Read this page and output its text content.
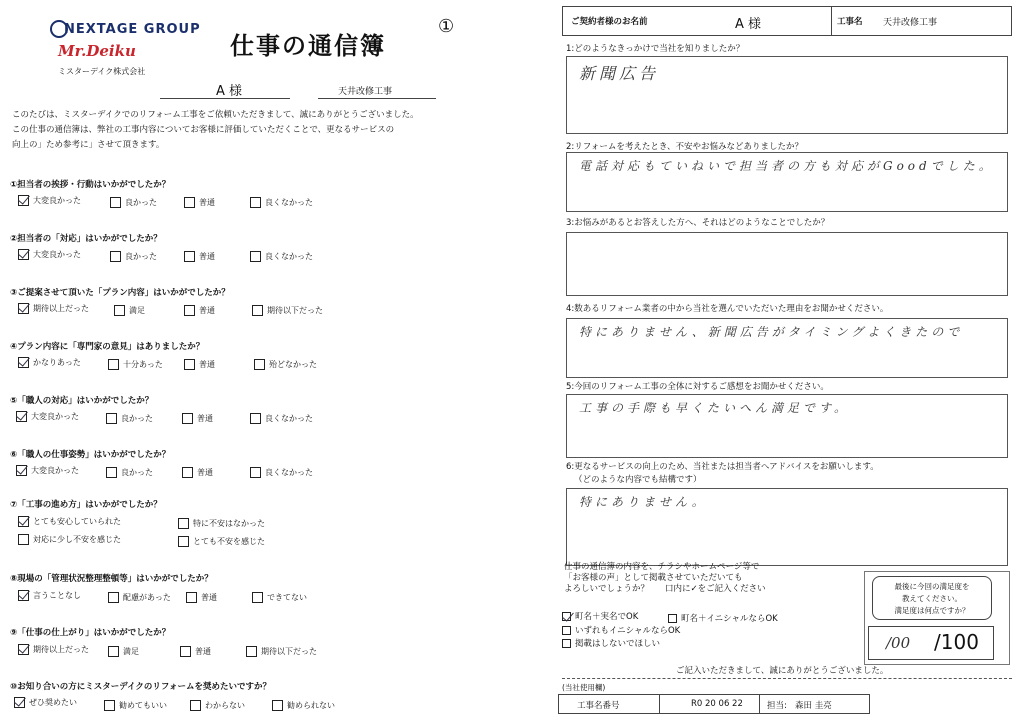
NEXTAGE GROUP
Mr.Deiku
ミスターデイク株式会社
仕事の通信簿
①
A 様	天井改修工事
このたびは、ミスターデイクでのリフォーム工事をご依頼いただきまして、誠にありがとうございました。
この仕事の通信簿は、弊社の工事内容についてお客様に評価していただくことで、更なるサービスの
向上の」ため参考に」させて頂きます。
①担当者の挨拶・行動はいかがでしたか？
大変良かった	良かった	普通	良くなかった
②担当者の「対応」はいかがでしたか？
大変良かった	良かった	普通	良くなかった
③ご提案させて頂いた「プラン内容」はいかがでしたか？
期待以上だった	満足	普通	期待以下だった
④プラン内容に「専門家の意見」はありましたか？
かなりあった	十分あった	普通	殆どなかった
⑤「職人の対応」はいかがでしたか？
大変良かった	良かった	普通	良くなかった
⑥「職人の仕事姿勢」はいかがでしたか？
大変良かった	良かった	普通	良くなかった
⑦「工事の進め方」はいかがでしたか？
とても安心していられた	特に不安はなかった
対応に少し不安を感じた	とても不安を感じた
⑧現場の「管理状況整理整頓等」はいかがでしたか？
言うことなし	配慮があった	普通	できてない
⑨「仕事の仕上がり」はいかがでしたか？
期待以上だった	満足	普通	期待以下だった
⑩お知り合いの方にミスターデイクのリフォームを奨めたいですか？
ぜひ奨めたい	勧めてもいい	わからない	勧められない
ご契約者様のお名前	A 様	工事名 天井改修工事
1:どのようなきっかけで当社を知りましたか？
新聞広告
2:リフォームを考えたとき、不安やお悩みなどありましたか？
電話対応もていねいで担当者の方も対応がGoodでした。
3:お悩みがあるとお答えした方へ、それはどのようなことでしたか？
4:数あるリフォーム業者の中から当社を選んでいただいた理由をお聞かせください。
特にありません、新聞広告がタイミングよくきたので
5:今回のリフォーム工事の全体に対するご感想をお聞かせください。
工事の手際も早くたいへん満足です。
6:更なるサービスの向上のため、当社または担当者へアドバイスをお願いします。
（どのような内容でも結構です）
特にありません。
仕事の通信簿の内容を、チラシやホームページ等で
「お客様の声」として掲載させていただいても
よろしいでしょうか？ 口内に✓をご記入ください
町名＋実名でOK	町名＋イニシャルならOK
いずれもイニシャルならOK
掲載はしないでほしい
最後に今回の満足度を
教えてください。
満足度は何点ですか？
/00 /100
ご記入いただきまして、誠にありがとうございました。
(当社使用欄)
工事名番号	R0 20 06 22	担当: 森田 圭亮
